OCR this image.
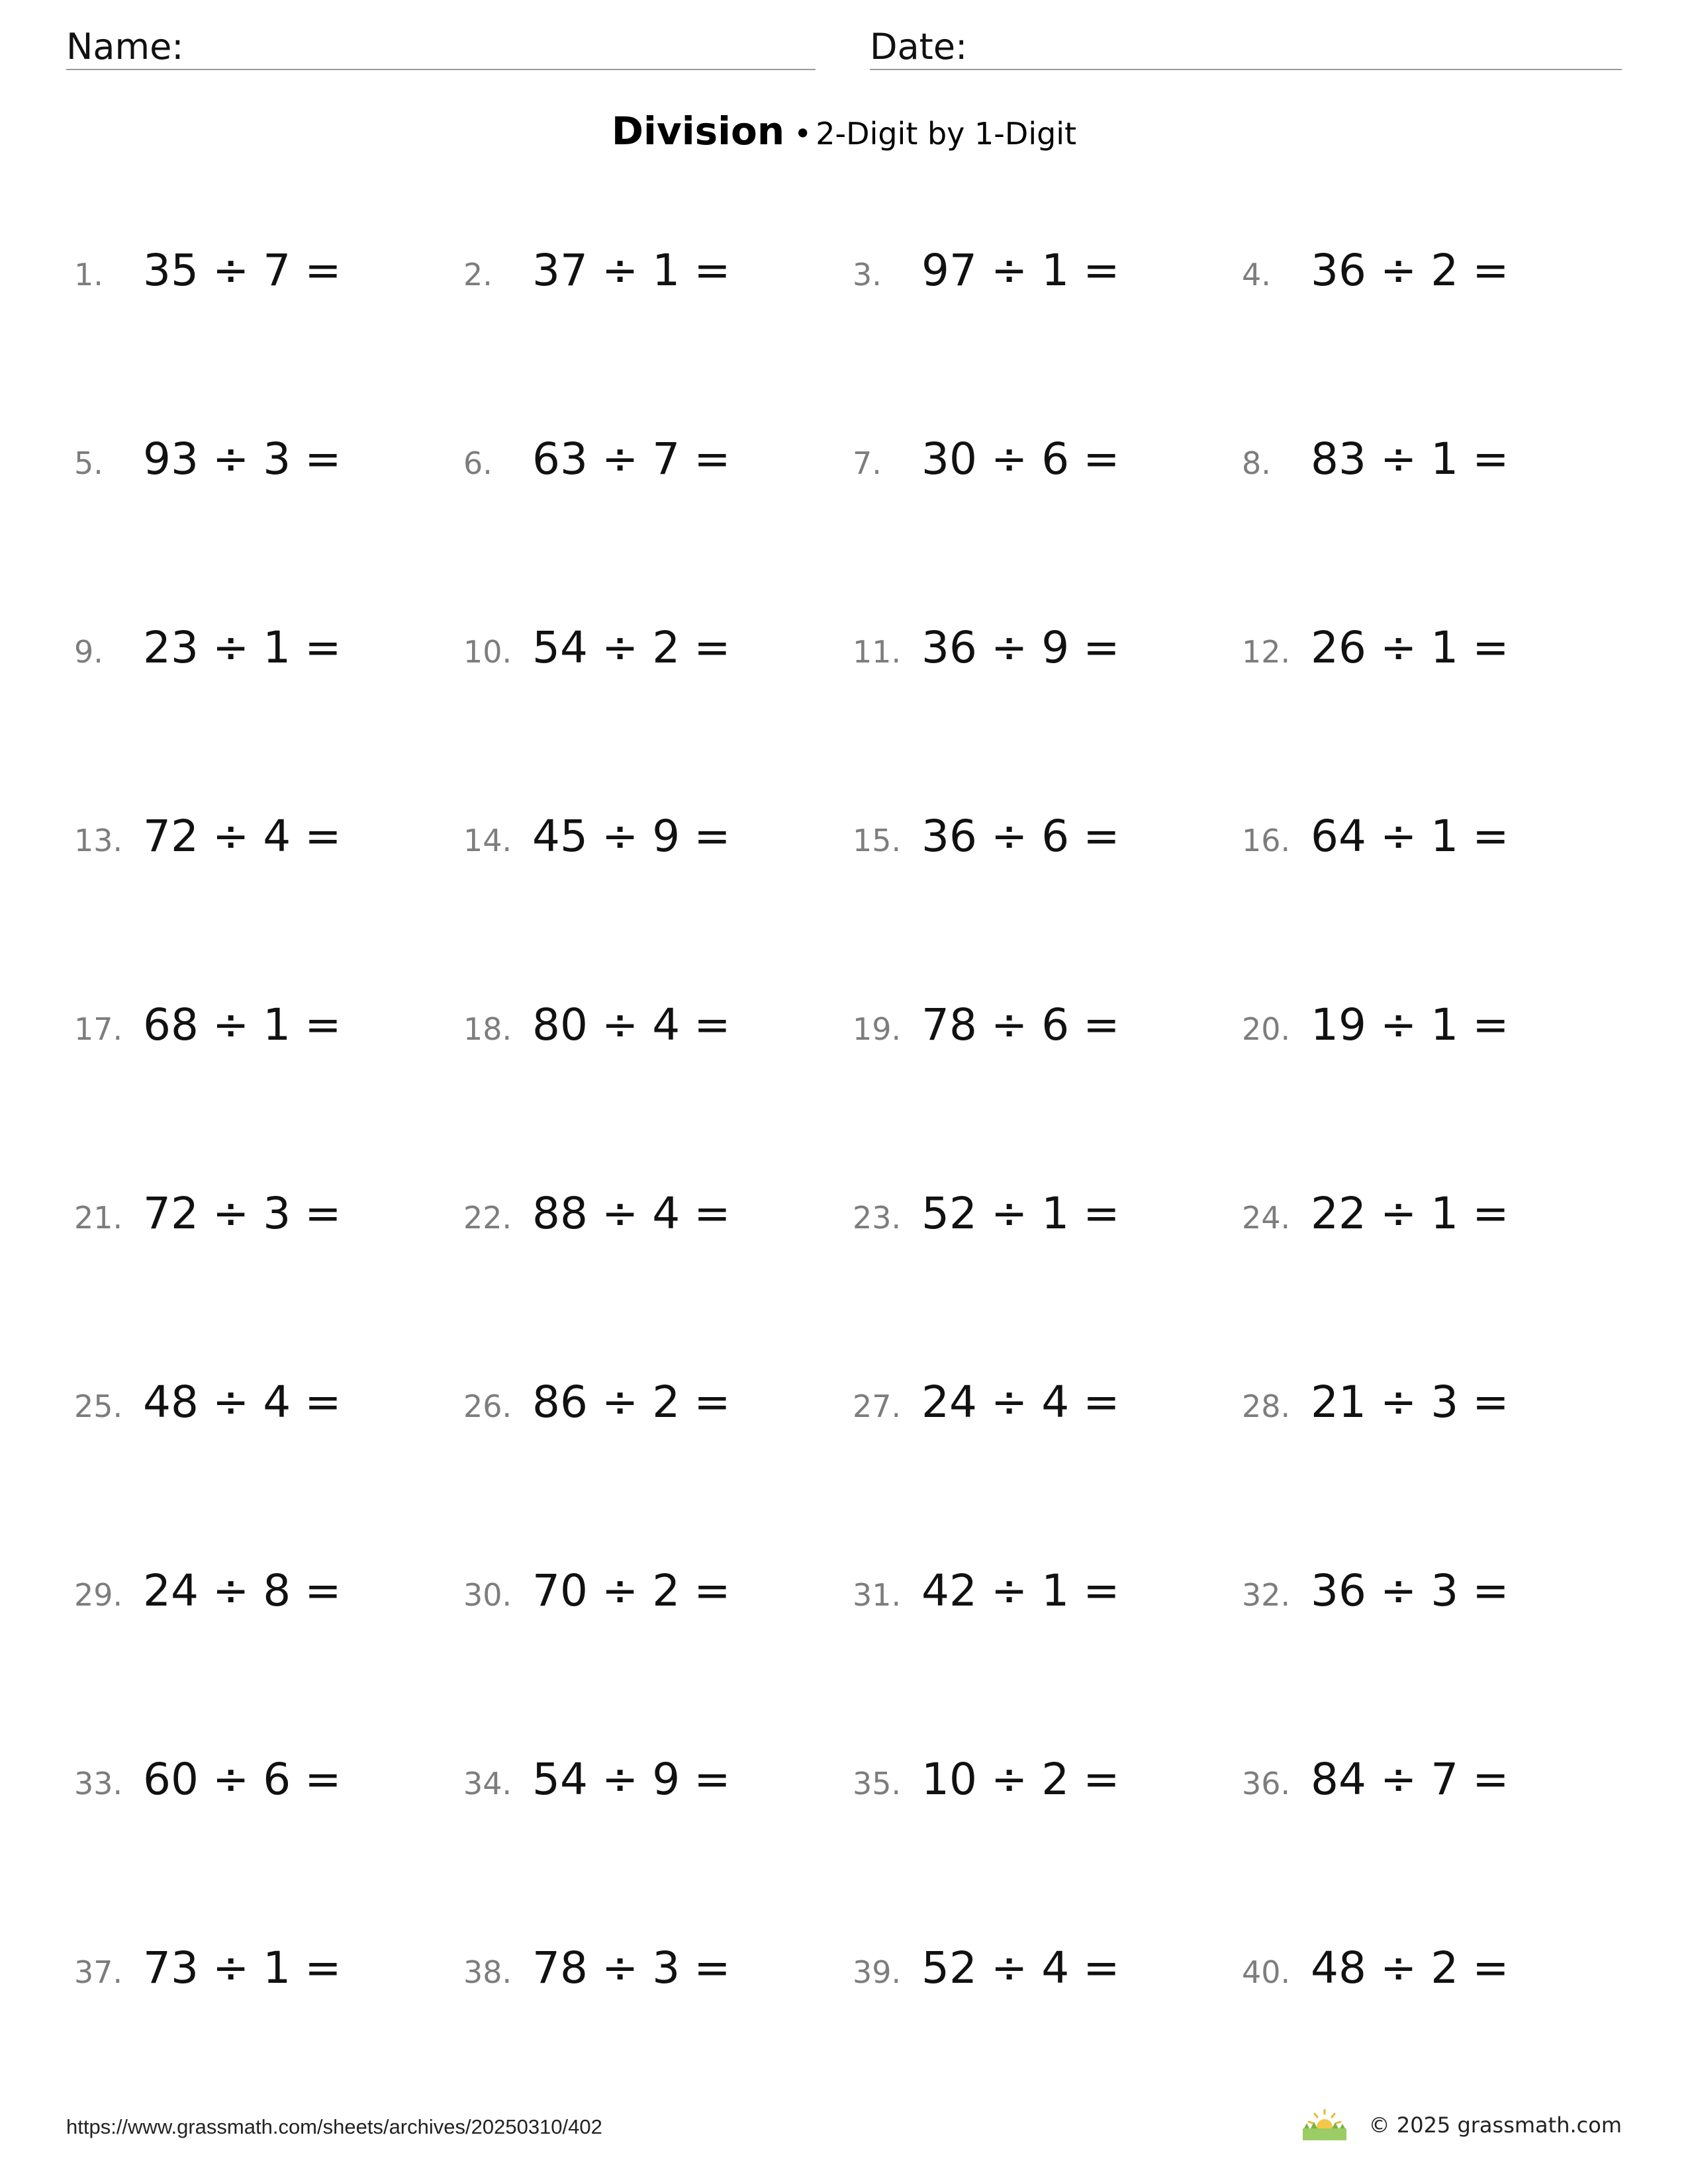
Name:	Date:
Division • 2-Digit by 1-Digit
1. 35 ÷ 7 =	2. 37 ÷ 1 =	3. 97 ÷ 1 =	4. 36 ÷ 2 =
5. 93 ÷ 3 =	6. 63 ÷ 7 =	7. 30 ÷ 6 =	8. 83 ÷ 1 =
9. 23 ÷ 1 =	10. 54 ÷ 2 =	11. 36 ÷ 9 =	12. 26 ÷ 1 =
13. 72 ÷ 4 =	14. 45 ÷ 9 =	15. 36 ÷ 6 =	16. 64 ÷ 1 =
17. 68 ÷ 1 =	18. 80 ÷ 4 =	19. 78 ÷ 6 =	20. 19 ÷ 1 =
21. 72 ÷ 3 =	22. 88 ÷ 4 =	23. 52 ÷ 1 =	24. 22 ÷ 1 =
25. 48 ÷ 4 =	26. 86 ÷ 2 =	27. 24 ÷ 4 =	28. 21 ÷ 3 =
29. 24 ÷ 8 =	30. 70 ÷ 2 =	31. 42 ÷ 1 =	32. 36 ÷ 3 =
33. 60 ÷ 6 =	34. 54 ÷ 9 =	35. 10 ÷ 2 =	36. 84 ÷ 7 =
37. 73 ÷ 1 =	38. 78 ÷ 3 =	39. 52 ÷ 4 =	40. 48 ÷ 2 =
https://www.grassmath.com/sheets/archives/20250310/402	© 2025 grassmath.com
